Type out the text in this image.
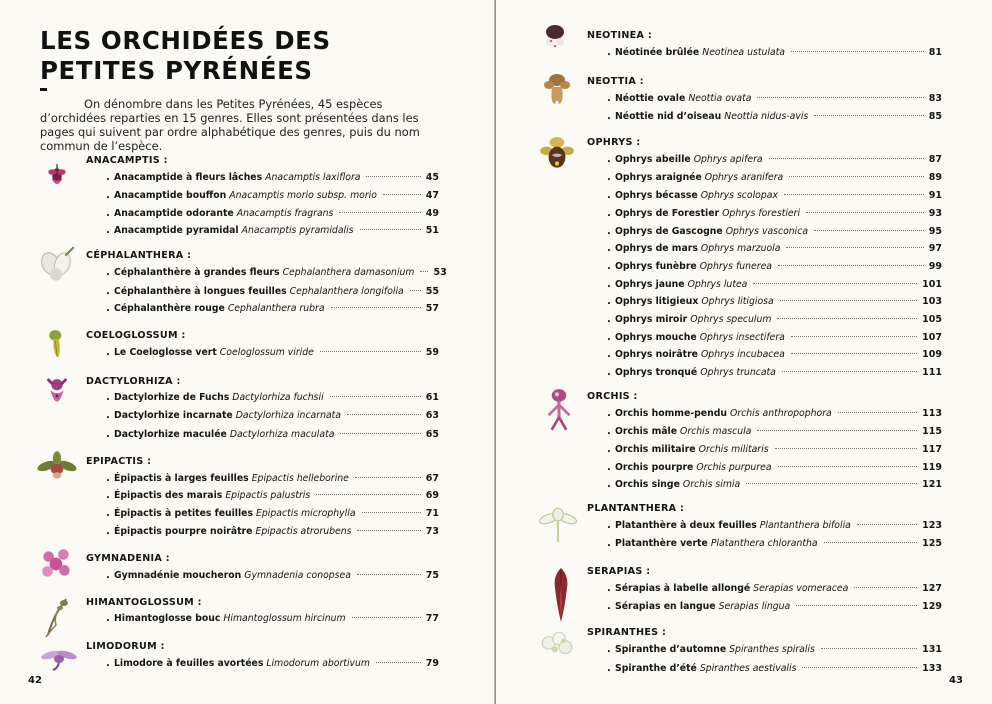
LES ORCHIDÉES DES
PETITES PYRÉNÉES

On dénombre dans les Petites Pyrénées, 45 espèces d’orchidées reparties en 15 genres. Elles sont présentées dans les pages qui suivent par ordre alphabétique des genres, puis du nom commun de l’espèce.

ANACAMPTIS :
. Anacamptide à fleurs lâches Anacamptis laxiflora	45
. Anacamptide bouffon Anacamptis morio subsp. morio	47
. Anacamptide odorante Anacamptis fragrans	49
. Anacamptide pyramidal Anacamptis pyramidalis	51
CÉPHALANTHERA :
. Céphalanthère à grandes fleurs Cephalanthera damasonium 53
. Céphalanthère à longues feuilles Cephalanthera longifolia 55
. Céphalanthère rouge Cephalanthera rubra	57
COELOGLOSSUM :
. Le Coeloglosse vert Coeloglossum viride	59
DACTYLORHIZA :
. Dactylorhize de Fuchs Dactylorhiza fuchsii	61
. Dactylorhize incarnate Dactylorhiza incarnata	63
. Dactylorhize maculée Dactylorhiza maculata	65
EPIPACTIS :
. Épipactis à larges feuilles Epipactis helleborine	67
. Épipactis des marais Epipactis palustris	69
. Épipactis à petites feuilles Epipactis microphylla	71
. Épipactis pourpre noirâtre Epipactis atrorubens	73
GYMNADENIA :
. Gymnadénie moucheron Gymnadenia conopsea	75
HIMANTOGLOSSUM :
. Himantoglosse bouc Himantoglossum hircinum	77
LIMODORUM :
. Limodore à feuilles avortées Limodorum abortivum	79
42
NEOTINEA :
. Néotinée brûlée Neotinea ustulata	81
NEOTTIA :
. Néottie ovale Neottia ovata	83
. Néottie nid d’oiseau Neottia nidus-avis	85
OPHRYS :
. Ophrys abeille Ophrys apifera	87
. Ophrys araignée Ophrys aranifera	89
. Ophrys bécasse Ophrys scolopax	91
. Ophrys de Forestier Ophrys forestieri	93
. Ophrys de Gascogne Ophrys vasconica	95
. Ophrys de mars Ophrys marzuola	97
. Ophrys funèbre Ophrys funerea	99
. Ophrys jaune Ophrys lutea	101
. Ophrys litigieux Ophrys litigiosa	103
. Ophrys miroir Ophrys speculum	105
. Ophrys mouche Ophrys insectifera	107
. Ophrys noirâtre Ophrys incubacea	109
. Ophrys tronqué Ophrys truncata	111
ORCHIS :
. Orchis homme-pendu Orchis anthropophora	113
. Orchis mâle Orchis mascula	115
. Orchis militaire Orchis militaris	117
. Orchis pourpre Orchis purpurea	119
. Orchis singe Orchis simia	121
PLANTANTHERA :
. Platanthère à deux feuilles Plantanthera bifolia	123
. Platanthère verte Platanthera chlorantha	125
SERAPIAS :
. Sérapias à labelle allongé Serapias vomeracea	127
. Sérapias en langue Serapias lingua	129
SPIRANTHES :
. Spiranthe d’automne Spiranthes spiralis	131
. Spiranthe d’été Spiranthes aestivalis	133
43
